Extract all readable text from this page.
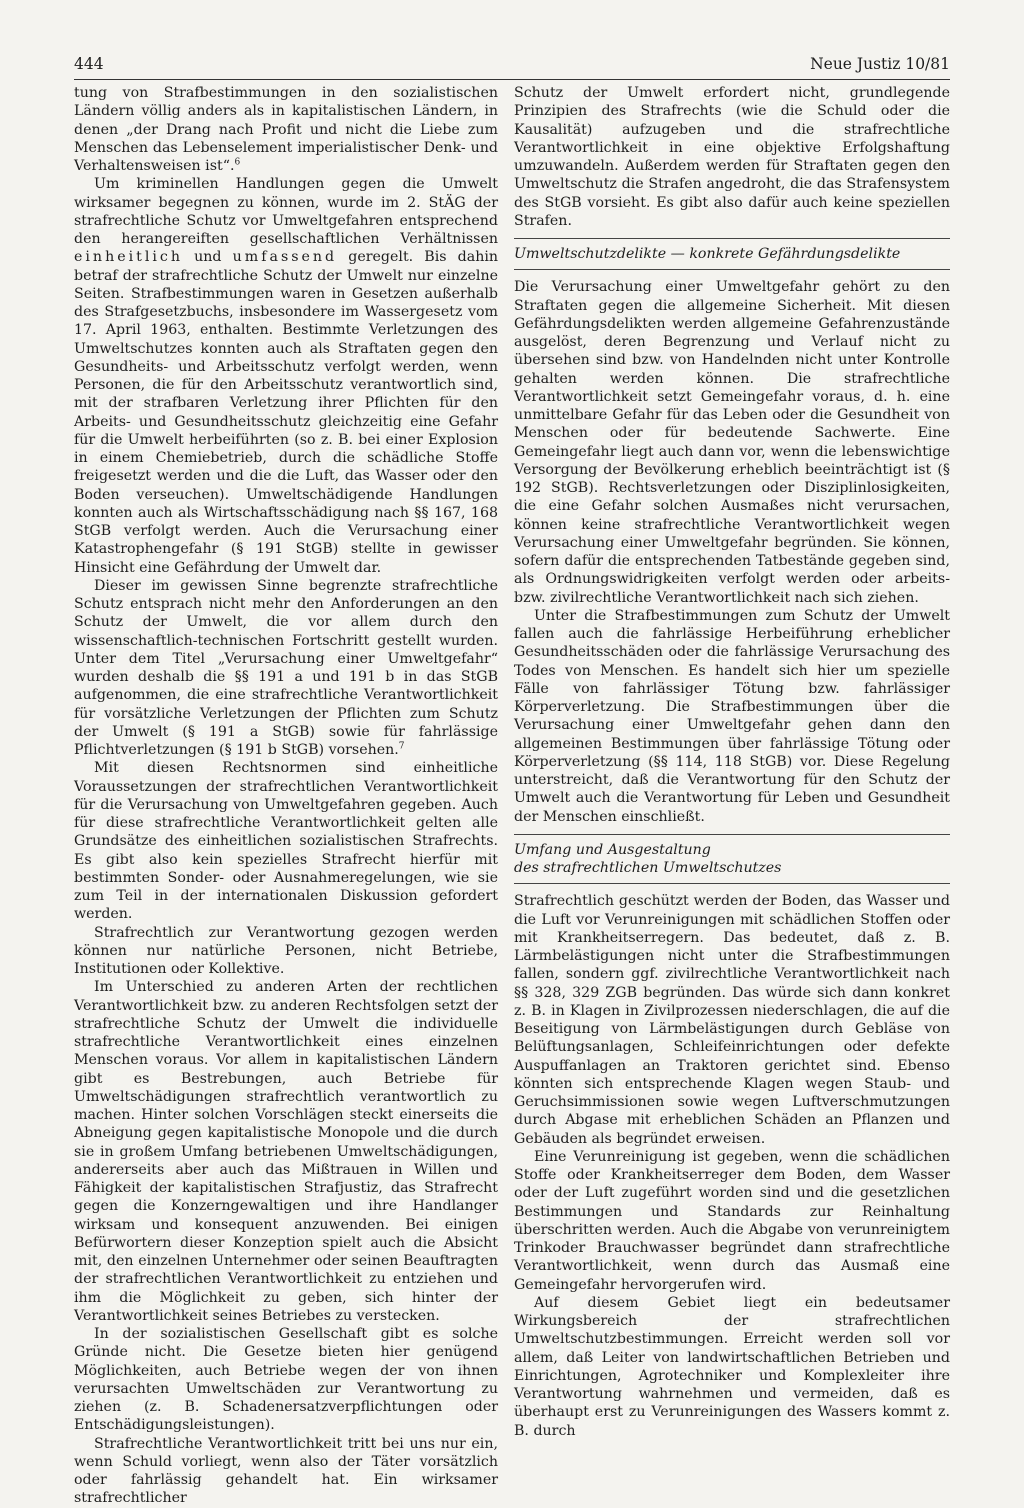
444	Neue Justiz 10/81

tung von Strafbestimmungen in den sozialistischen Ländern völlig anders als in kapitalistischen Ländern, in denen „der Drang nach Profit und nicht die Liebe zum Menschen das Lebenselement imperialistischer Denk- und Verhaltensweisen ist“.$^6$

Um kriminellen Handlungen gegen die Umwelt wirksamer begegnen zu können, wurde im 2. StÄG der strafrechtliche Schutz vor Umweltgefahren entsprechend den herangereiften gesellschaftlichen Verhältnissen einheitlich und umfassend geregelt. Bis dahin betraf der strafrechtliche Schutz der Umwelt nur einzelne Seiten. Strafbestimmungen waren in Gesetzen außerhalb des Strafgesetzbuchs, insbesondere im Wassergesetz vom 17. April 1963, enthalten. Bestimmte Verletzungen des Umweltschutzes konnten auch als Straftaten gegen den Gesundheits- und Arbeitsschutz verfolgt werden, wenn Personen, die für den Arbeitsschutz verantwortlich sind, mit der strafbaren Verletzung ihrer Pflichten für den Arbeits- und Gesundheitsschutz gleichzeitig eine Gefahr für die Umwelt herbeiführten (so z. B. bei einer Explosion in einem Chemiebetrieb, durch die schädliche Stoffe freigesetzt werden und die die Luft, das Wasser oder den Boden verseuchen). Umweltschädigende Handlungen konnten auch als Wirtschaftsschädigung nach §§ 167, 168 StGB verfolgt werden. Auch die Verursachung einer Katastrophengefahr (§ 191 StGB) stellte in gewisser Hinsicht eine Gefährdung der Umwelt dar.

Dieser im gewissen Sinne begrenzte strafrechtliche Schutz entsprach nicht mehr den Anforderungen an den Schutz der Umwelt, die vor allem durch den wissenschaftlich-technischen Fortschritt gestellt wurden. Unter dem Titel „Verursachung einer Umweltgefahr“ wurden deshalb die §§ 191 a und 191 b in das StGB aufgenommen, die eine strafrechtliche Verantwortlichkeit für vorsätzliche Verletzungen der Pflichten zum Schutz der Umwelt (§ 191 a StGB) sowie für fahrlässige Pflichtverletzungen (§ 191 b StGB) vorsehen.$^7$

Mit diesen Rechtsnormen sind einheitliche Voraussetzungen der strafrechtlichen Verantwortlichkeit für die Verursachung von Umweltgefahren gegeben. Auch für diese strafrechtliche Verantwortlichkeit gelten alle Grundsätze des einheitlichen sozialistischen Strafrechts. Es gibt also kein spezielles Strafrecht hierfür mit bestimmten Sonder- oder Ausnahmeregelungen, wie sie zum Teil in der internationalen Diskussion gefordert werden.

Strafrechtlich zur Verantwortung gezogen werden können nur natürliche Personen, nicht Betriebe, Institutionen oder Kollektive.

Im Unterschied zu anderen Arten der rechtlichen Verantwortlichkeit bzw. zu anderen Rechtsfolgen setzt der strafrechtliche Schutz der Umwelt die individuelle strafrechtliche Verantwortlichkeit eines einzelnen Menschen voraus. Vor allem in kapitalistischen Ländern gibt es Bestrebungen, auch Betriebe für Umweltschädigungen strafrechtlich verantwortlich zu machen. Hinter solchen Vorschlägen steckt einerseits die Abneigung gegen kapitalistische Monopole und die durch sie in großem Umfang betriebenen Umweltschädigungen, andererseits aber auch das Mißtrauen in Willen und Fähigkeit der kapitalistischen Strafjustiz, das Strafrecht gegen die Konzerngewaltigen und ihre Handlanger wirksam und konsequent anzuwenden. Bei einigen Befürwortern dieser Konzeption spielt auch die Absicht mit, den einzelnen Unternehmer oder seinen Beauftragten der strafrechtlichen Verantwortlichkeit zu entziehen und ihm die Möglichkeit zu geben, sich hinter der Verantwortlichkeit seines Betriebes zu verstecken.

In der sozialistischen Gesellschaft gibt es solche Gründe nicht. Die Gesetze bieten hier genügend Möglichkeiten, auch Betriebe wegen der von ihnen verursachten Umweltschäden zur Verantwortung zu ziehen (z. B. Schadenersatzverpflichtungen oder Entschädigungsleistungen).

Strafrechtliche Verantwortlichkeit tritt bei uns nur ein, wenn Schuld vorliegt, wenn also der Täter vorsätzlich oder fahrlässig gehandelt hat. Ein wirksamer strafrechtlicher

Schutz der Umwelt erfordert nicht, grundlegende Prinzipien des Strafrechts (wie die Schuld oder die Kausalität) aufzugeben und die strafrechtliche Verantwortlichkeit in eine objektive Erfolgshaftung umzuwandeln. Außerdem werden für Straftaten gegen den Umweltschutz die Strafen angedroht, die das Strafensystem des StGB vorsieht. Es gibt also dafür auch keine speziellen Strafen.

Umweltschutzdelikte — konkrete Gefährdungsdelikte

Die Verursachung einer Umweltgefahr gehört zu den Straftaten gegen die allgemeine Sicherheit. Mit diesen Gefährdungsdelikten werden allgemeine Gefahrenzustände ausgelöst, deren Begrenzung und Verlauf nicht zu übersehen sind bzw. von Handelnden nicht unter Kontrolle gehalten werden können. Die strafrechtliche Verantwortlichkeit setzt Gemeingefahr voraus, d. h. eine unmittelbare Gefahr für das Leben oder die Gesundheit von Menschen oder für bedeutende Sachwerte. Eine Gemeingefahr liegt auch dann vor, wenn die lebenswichtige Versorgung der Bevölkerung erheblich beeinträchtigt ist (§ 192 StGB). Rechtsverletzungen oder Disziplinlosigkeiten, die eine Gefahr solchen Ausmaßes nicht verursachen, können keine strafrechtliche Verantwortlichkeit wegen Verursachung einer Umweltgefahr begründen. Sie können, sofern dafür die entsprechenden Tatbestände gegeben sind, als Ordnungswidrigkeiten verfolgt werden oder arbeits- bzw. zivilrechtliche Verantwortlichkeit nach sich ziehen.

Unter die Strafbestimmungen zum Schutz der Umwelt fallen auch die fahrlässige Herbeiführung erheblicher Gesundheitsschäden oder die fahrlässige Verursachung des Todes von Menschen. Es handelt sich hier um spezielle Fälle von fahrlässiger Tötung bzw. fahrlässiger Körperverletzung. Die Strafbestimmungen über die Verursachung einer Umweltgefahr gehen dann den allgemeinen Bestimmungen über fahrlässige Tötung oder Körperverletzung (§§ 114, 118 StGB) vor. Diese Regelung unterstreicht, daß die Verantwortung für den Schutz der Umwelt auch die Verantwortung für Leben und Gesundheit der Menschen einschließt.

Umfang und Ausgestaltung
des strafrechtlichen Umweltschutzes

Strafrechtlich geschützt werden der Boden, das Wasser und die Luft vor Verunreinigungen mit schädlichen Stoffen oder mit Krankheitserregern. Das bedeutet, daß z. B. Lärmbelästigungen nicht unter die Strafbestimmungen fallen, sondern ggf. zivilrechtliche Verantwortlichkeit nach §§ 328, 329 ZGB begründen. Das würde sich dann konkret z. B. in Klagen in Zivilprozessen niederschlagen, die auf die Beseitigung von Lärmbelästigungen durch Gebläse von Belüftungsanlagen, Schleifeinrichtungen oder defekte Auspuffanlagen an Traktoren gerichtet sind. Ebenso könnten sich entsprechende Klagen wegen Staub- und Geruchsimmissionen sowie wegen Luftverschmutzungen durch Abgase mit erheblichen Schäden an Pflanzen und Gebäuden als begründet erweisen.

Eine Verunreinigung ist gegeben, wenn die schädlichen Stoffe oder Krankheitserreger dem Boden, dem Wasser oder der Luft zugeführt worden sind und die gesetzlichen Bestimmungen und Standards zur Reinhaltung überschritten werden. Auch die Abgabe von verunreinigtem Trinkoder Brauchwasser begründet dann strafrechtliche Verantwortlichkeit, wenn durch das Ausmaß eine Gemeingefahr hervorgerufen wird.

Auf diesem Gebiet liegt ein bedeutsamer Wirkungsbereich der strafrechtlichen Umweltschutzbestimmungen. Erreicht werden soll vor allem, daß Leiter von landwirtschaftlichen Betrieben und Einrichtungen, Agrotechniker und Komplexleiter ihre Verantwortung wahrnehmen und vermeiden, daß es überhaupt erst zu Verunreinigungen des Wassers kommt z. B. durch
